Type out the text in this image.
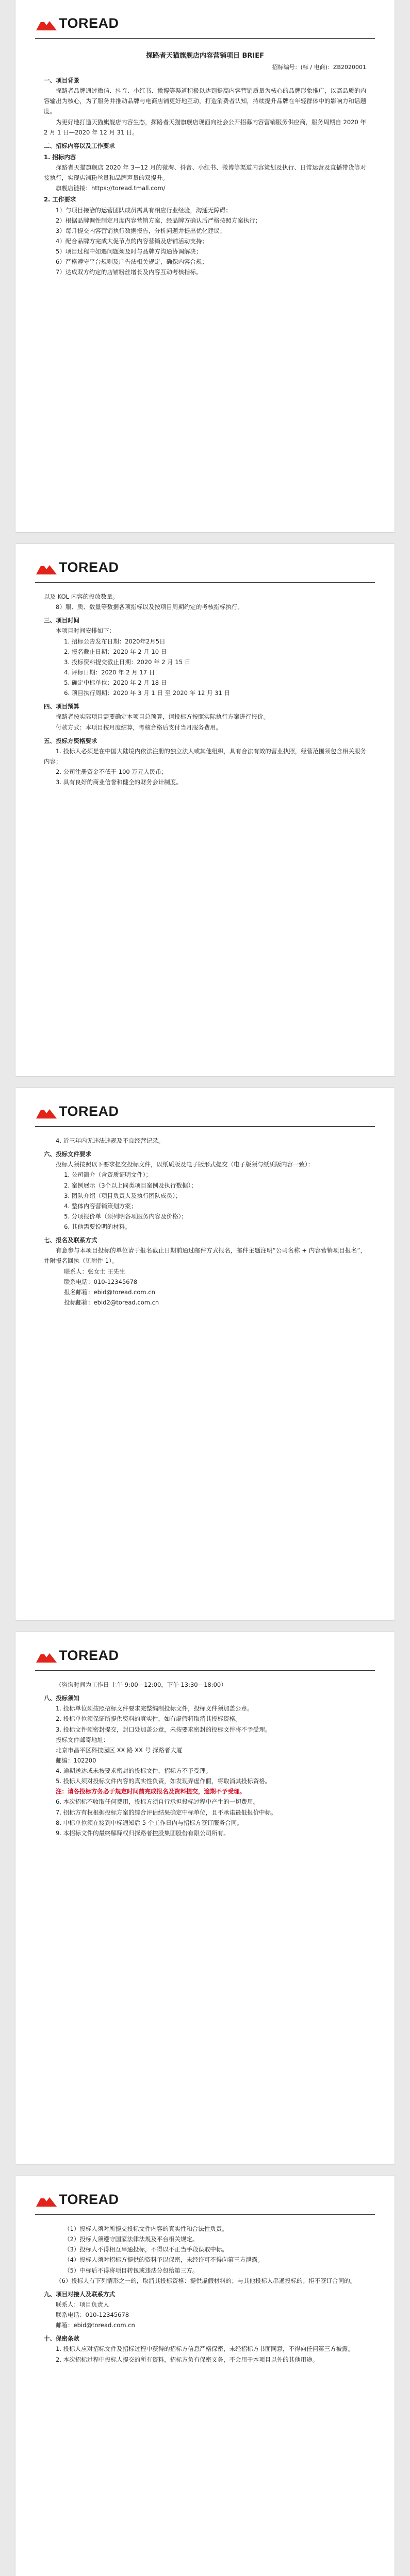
TOREAD
探路者天猫旗舰店内容营销项目 BRIEF
招标编号：(标 / 电商)：ZB2020001
一、项目背景

探路者品牌通过微信、抖音、小红书、微博等渠道积极以达到提高内容营销质量为核心的品牌形象推广，以高品质的内容输出为核心，为了服务并推动品牌与电商店铺更好地互动，打造消费者认知，持续提升品牌在年轻群体中的影响力和话题度。

为更好地打造天猫旗舰店内容生态，探路者天猫旗舰店现面向社会公开招募内容营销服务供应商，服务周期自 2020 年 2 月 1 日—2020 年 12 月 31 日。

二、招标内容以及工作要求
1. 招标内容

探路者天猫旗舰店 2020 年 3—12 月的微淘、抖音、小红书、微博等渠道内容策划及执行、日常运营及直播带货等对接执行，实现店铺粉丝量和品牌声量的双提升。

旗舰店链接：https://toread.tmall.com/
2. 工作要求

1）与项目接洽的运营团队成员需具有相应行业经验，沟通无障碍；

2）根据品牌调性制定月度内容营销方案，经品牌方确认后严格按照方案执行；

3）每月提交内容营销执行数据报告，分析问题并提出优化建议；

4）配合品牌方完成大促节点的内容营销及店铺活动支持；

5）项目过程中如遇问题须及时与品牌方沟通协调解决；

6）严格遵守平台规则及广告法相关规定，确保内容合规；

7）达成双方约定的店铺粉丝增长及内容互动考核指标。

TOREAD
以及 KOL 内容的投放数量。

8）服、质、数量等数据各项指标以及按项目周期约定的考核指标执行。

三、项目时间
本项目时间安排如下：
1. 招标公告发布日期：2020年2月5日
2. 报名截止日期：2020 年 2 月 10 日
3. 投标资料提交截止日期：2020 年 2 月 15 日
4. 评标日期：2020 年 2 月 17 日
5. 确定中标单位：2020 年 2 月 18 日
6. 项目执行周期：2020 年 3 月 1 日 至 2020 年 12 月 31 日
四、项目预算

探路者按实际项目需要确定本项目总预算，请投标方按照实际执行方案进行报价。

付款方式：本项目按月度结算，考核合格后支付当月服务费用。

五、投标方资格要求

1. 投标人必须是在中国大陆境内依法注册的独立法人或其他组织，具有合法有效的营业执照，经营范围须包含相关服务内容；

2. 公司注册资金不低于 100 万元人民币；

3. 具有良好的商业信誉和健全的财务会计制度。

TOREAD

4. 近三年内无违法违规及不良经营记录。

六、投标文件要求

投标人须按照以下要求提交投标文件，以纸质版及电子版形式提交（电子版须与纸质版内容一致）：

1. 公司简介（含资质证明文件）；
2. 案例展示（3个以上同类项目案例及执行数据）；
3. 团队介绍（项目负责人及执行团队成员）；
4. 整体内容营销策划方案；
5. 分项报价单（须列明各项服务内容及价格）；
6. 其他需要说明的材料。
七、报名及联系方式

有意参与本项目投标的单位请于报名截止日期前通过邮件方式报名，邮件主题注明“公司名称 + 内容营销项目报名”，并附报名回执（见附件 1）。

联系人：张女士 王先生
联系电话：010-12345678
报名邮箱：ebid@toread.com.cn
投标邮箱：ebid2@toread.com.cn
TOREAD
（咨询时间为工作日 上午 9:00—12:00，下午 13:30—18:00）
八、投标须知

1. 投标单位须按照招标文件要求完整编制投标文件，投标文件须加盖公章。

2. 投标单位须保证所提供资料的真实性，如有虚假将取消其投标资格。

3. 投标文件须密封提交，封口处加盖公章，未按要求密封的投标文件将不予受理。

投标文件邮寄地址：
北京市昌平区科技园区 XX 路 XX 号 探路者大厦
邮编：102200

4. 逾期送达或未按要求密封的投标文件，招标方不予受理。

5. 投标人须对投标文件内容的真实性负责，如发现弄虚作假，将取消其投标资格。

注：请各投标方务必于规定时间前完成报名及资料提交，逾期不予受理。

6. 本次招标不收取任何费用，投标方须自行承担投标过程中产生的一切费用。

7. 招标方有权根据投标方案的综合评估结果确定中标单位，且不承诺最低报价中标。

8. 中标单位须在接到中标通知后 5 个工作日内与招标方签订服务合同。

9. 本招标文件的最终解释权归探路者控股集团股份有限公司所有。

TOREAD
（1）投标人须对所提交投标文件内容的真实性和合法性负责。
（2）投标人须遵守国家法律法规及平台相关规定。
（3）投标人不得相互串通投标，不得以不正当手段谋取中标。
（4）投标人须对招标方提供的资料予以保密，未经许可不得向第三方泄露。
（5）中标后不得将项目转包或违法分包给第三方。

（6）投标人有下列情形之一的，取消其投标资格：提供虚假材料的；与其他投标人串通投标的；拒不签订合同的。

九、项目对接人及联系方式
联系人：项目负责人
联系电话：010-12345678
邮箱：ebid@toread.com.cn
十、保密条款

1. 投标人应对招标文件及招标过程中获得的招标方信息严格保密，未经招标方书面同意，不得向任何第三方披露。

2. 本次招标过程中投标人提交的所有资料，招标方负有保密义务，不会用于本项目以外的其他用途。
